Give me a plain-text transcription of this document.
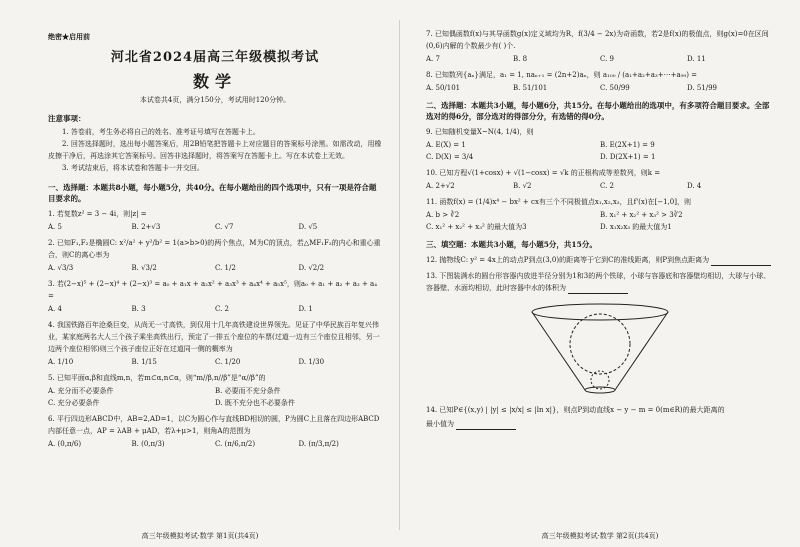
绝密★启用前
河北省2024届高三年级模拟考试
数学
本试卷共4页，满分150分，考试用时120分钟。
注意事项：

1. 答卷前，考生务必将自己的姓名、准考证号填写在答题卡上。

2. 回答选择题时，选出每小题答案后，用2B铅笔把答题卡上对应题目的答案标号涂黑。如需改动，用橡皮擦干净后，再选涂其它答案标号。回答非选择题时，将答案写在答题卡上。写在本试卷上无效。

3. 考试结束后，将本试卷和答题卡一并交回。

一、选择题：本题共8小题，每小题5分，共40分。在每小题给出的四个选项中，只有一项是符合题目要求的。
1. 若复数z² = 3 − 4i，则|z| =
A. 5	B. 2+√3	C. √7	D. √5
2. 已知F₁,F₂是椭圆C: x²/a² + y²/b² = 1(a>b>0)的两个焦点，M为C的顶点，若△MF₁F₂的内心和重心重合，则C的离心率为
A. √3/3	B. √3/2	C. 1/2	D. √2/2
3. 若(2−x)⁵ + (2−x)⁴ + (2−x)³ = a₀ + a₁x + a₂x² + a₃x³ + a₄x⁴ + a₅x⁵，则a₀ + a₁ + a₂ + a₃ + a₄ =
A. 4	B. 3	C. 2	D. 1
4. 我国铁路百年沧桑巨变，从尚无一寸高铁，到仅用十几年高铁建设世界领先。见证了中华民族百年复兴伟业，某家庭两名大人三个孩子乘坐高铁出行，预定了一排五个座位的车票(过道一边有三个座位且相邻，另一边两个座位相邻)则三个孩子座位正好在过道同一侧的概率为
A. 1/10	B. 1/15	C. 1/20	D. 1/30
5. 已知平面α,β和直线m,n，若m⊂α,n⊂α，则“m//β,n//β”是“α//β”的
A. 充分而不必要条件	B. 必要而不充分条件
C. 充分必要条件	D. 既不充分也不必要条件
6. 平行四边形ABCD中，AB=2,AD=1，以C为圆心作与直线BD相切的圆，P为圆C上且落在四边形ABCD内部任意一点，AP = λAB + μAD，若λ+μ>1，则角A的范围为
A. (0,π/6)	B. (0,π/3)	C. (π/6,π/2)	D. (π/3,π/2)
高三年级模拟考试·数学 第1页(共4页)
7. 已知偶函数f(x)与其导函数g(x)定义域均为R，f(3/4 − 2x)为奇函数，若2是f(x)的极值点，则g(x)=0在区间(0,6)内解的个数最少有( )个.
A. 7	B. 8	C. 9	D. 11
8. 已知数列{aₙ}满足，a₁ = 1, naₙ₊₁ = (2n+2)aₙ，则 a₁₀₀ / (a₁+a₂+a₃+⋯+a₉₉) =
A. 50/101	B. 51/101	C. 50/99	D. 51/99
二、选择题：本题共3小题，每小题6分，共15分。在每小题给出的选项中，有多项符合题目要求。全部选对的得6分，部分选对的得部分分，有选错的得0分。
9. 已知随机变量X~N(4, 1/4)，则
A. E(X) = 1	B. E(2X+1) = 9
C. D(X) = 3/4	D. D(2X+1) = 1
10. 已知方程√(1+cosx) + √(1−cosx) = √k 的正根构成等差数列，则k =
A. 2+√2	B. √2	C. 2	D. 4
11. 函数f(x) = (1/4)x⁴ − bx² + cx有三个不同极值点x₁,x₂,x₃，且f'(x)在[−1,0]，则
A. b > ∛2	B. x₁² + x₂² + x₃² > 3∛2
C. x₁² + x₂² + x₃² 的最大值为3	D. x₁x₂x₃ 的最大值为1
三、填空题：本题共3小题，每小题5分，共15分。
12. 抛物线C: y² = 4x上的动点P到点(3,0)的距离等于它到C的准线距离，则P到焦点距离为
13. 下图装满水的圆台形容器内放进半径分别为1和3的两个铁球，小球与容器底和容器壁均相切，大球与小球、容器壁、水面均相切，此时容器中水的体积为
14. 已知P∈{(x,y) | |y| ≤ |x/x| ≤ |ln x|}，则点P到动直线x − y − m = 0(m∈R)的最大距离的
最小值为
高三年级模拟考试·数学 第2页(共4页)
